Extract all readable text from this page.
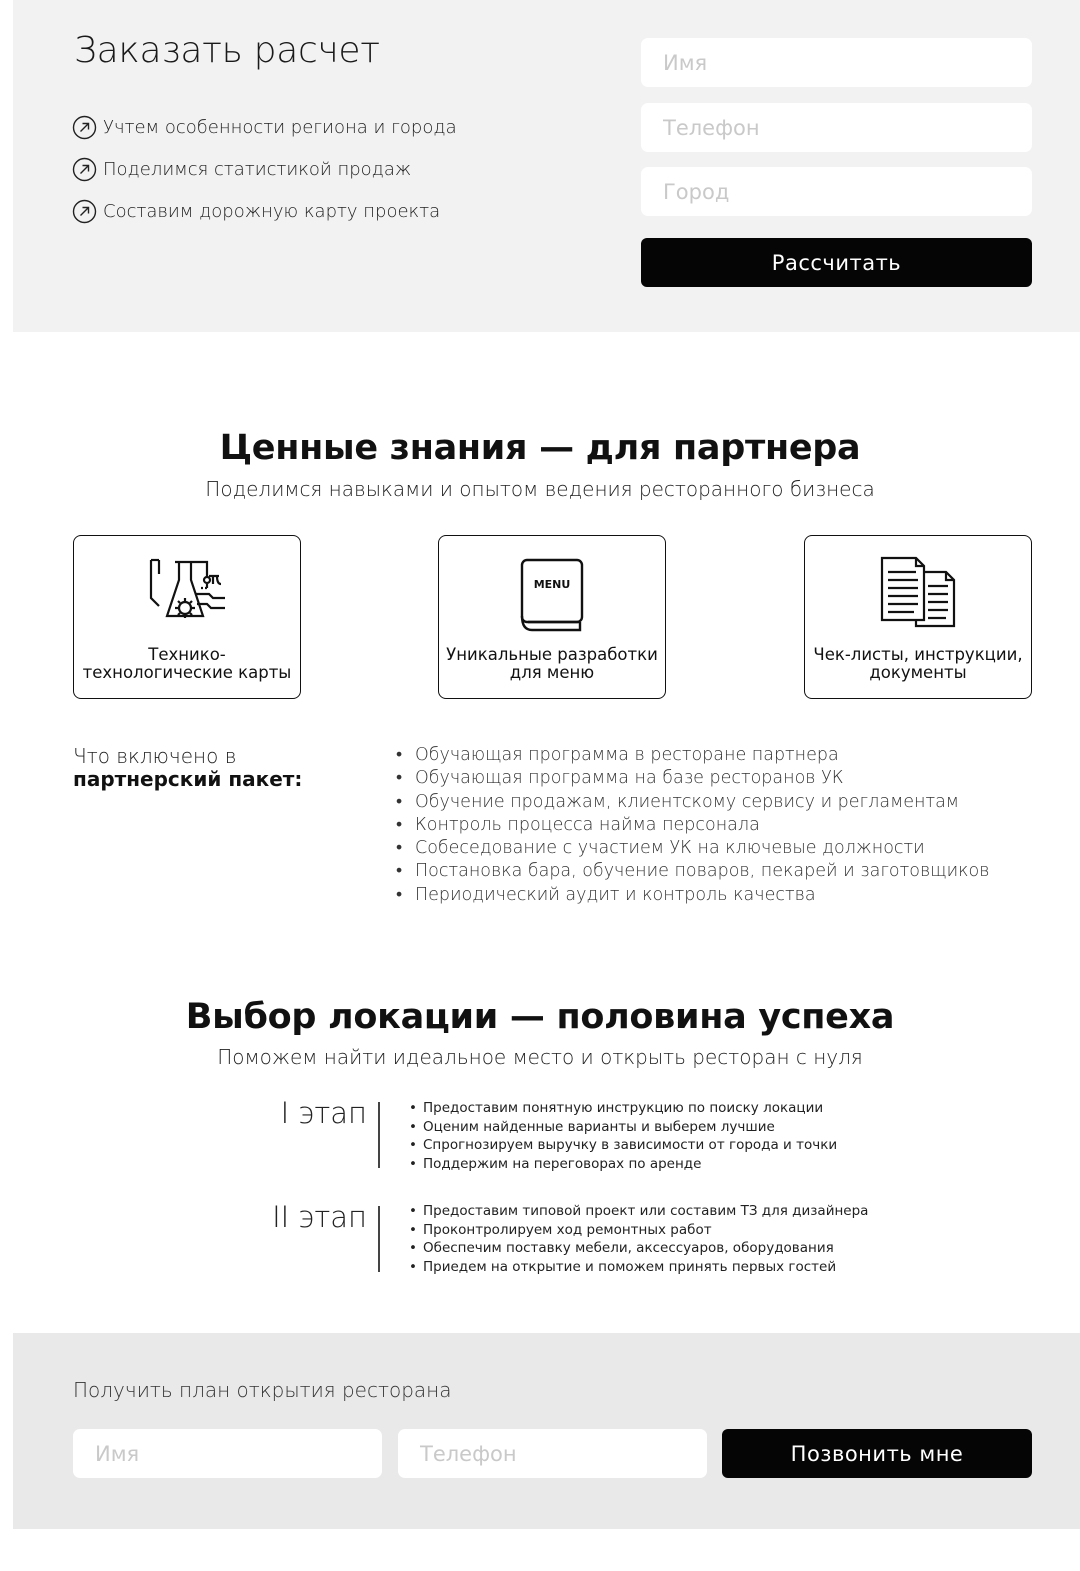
Заказать расчет
Учтем особенности региона и города
Поделимся статистикой продаж
Составим дорожную карту проекта
Имя
Телефон
Город
Рассчитать
Ценные знания — для партнера

Поделимся навыками и опытом ведения ресторанного бизнеса

Технико-технологические карты
MENU
Уникальные разработки для меню
Чек-листы, инструкции, документы
Что включено в
партнерский пакет:
• Обучающая программа в ресторане партнера
• Обучающая программа на базе ресторанов УК
• Обучение продажам, клиентскому сервису и регламентам
• Контроль процесса найма персонала
• Собеседование с участием УК на ключевые должности
• Постановка бара, обучение поваров, пекарей и заготовщиков
• Периодический аудит и контроль качества
Выбор локации — половина успеха

Поможем найти идеальное место и открыть ресторан с нуля

I этап	• Предоставим понятную инструкцию по поиску локации
• Оценим найденные варианты и выберем лучшие
• Спрогнозируем выручку в зависимости от города и точки
• Поддержим на переговорах по аренде
II этап	• Предоставим типовой проект или составим ТЗ для дизайнера
• Проконтролируем ход ремонтных работ
• Обеспечим поставку мебели, аксессуаров, оборудования
• Приедем на открытие и поможем принять первых гостей
Получить план открытия ресторана
Имя
Телефон
Позвонить мне
